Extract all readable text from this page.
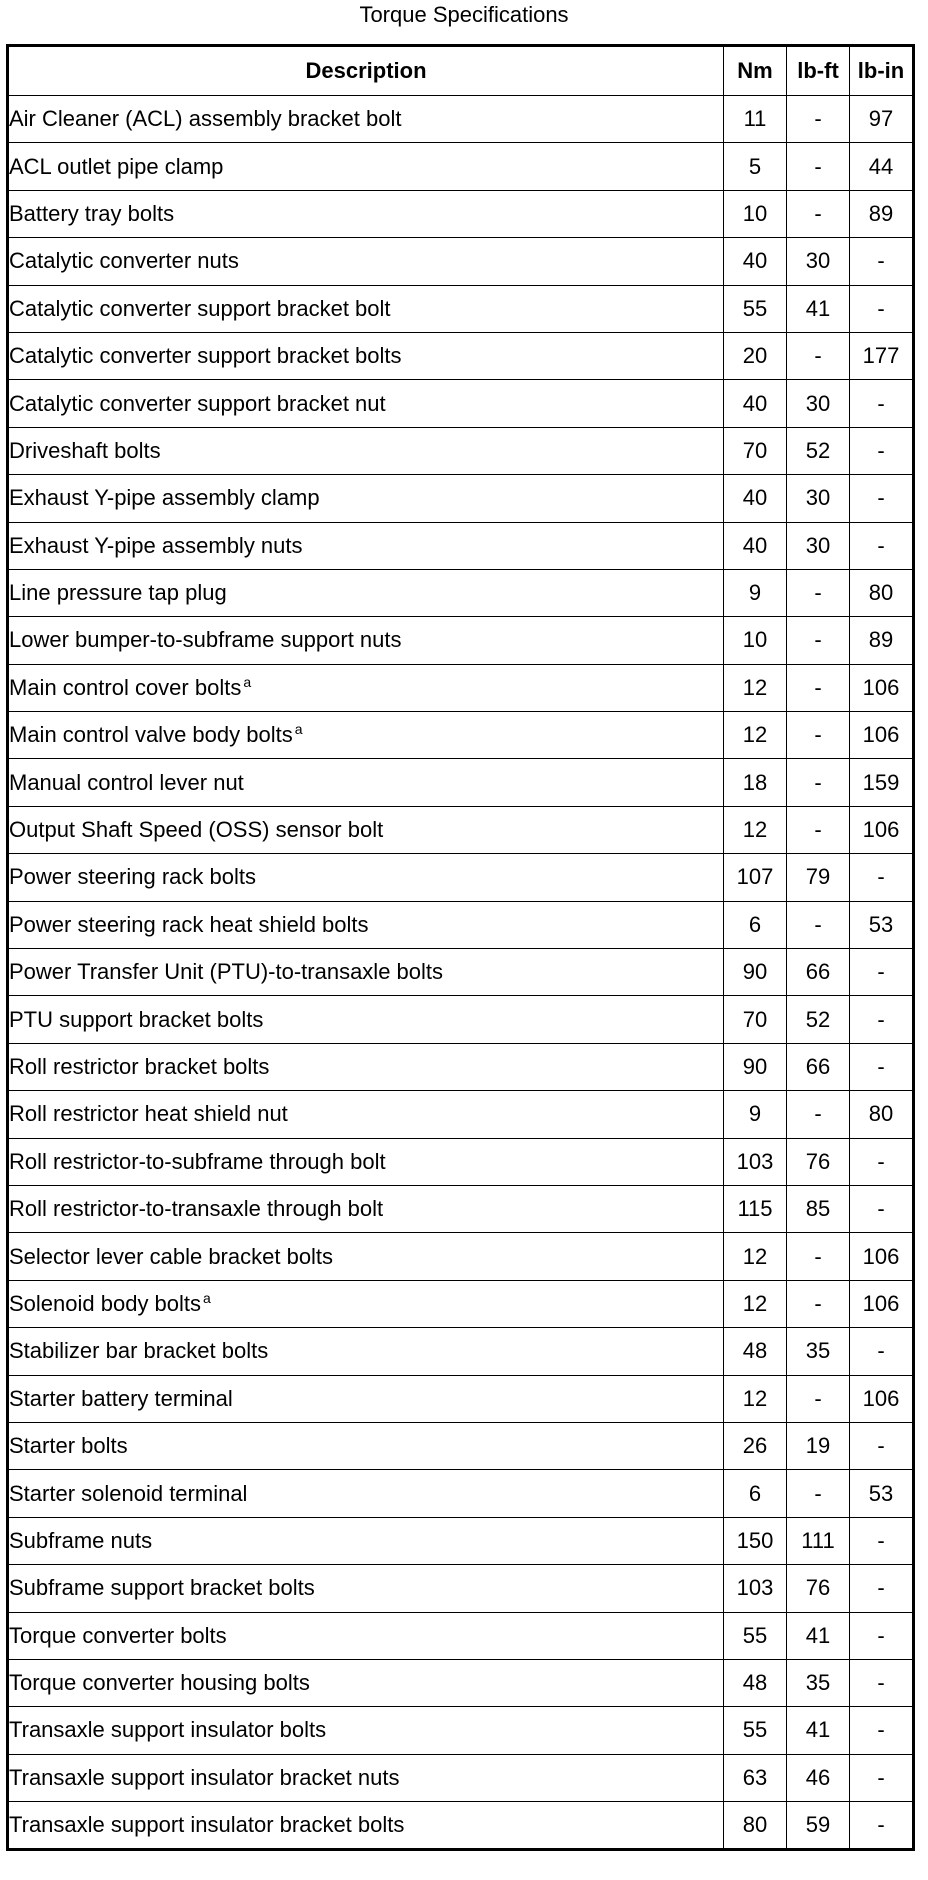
Torque Specifications
Description	Nm	lb-ft	lb-in
Air Cleaner (ACL) assembly bracket bolt	11	-	97
ACL outlet pipe clamp	5	-	44
Battery tray bolts	10	-	89
Catalytic converter nuts	40	30	-
Catalytic converter support bracket bolt	55	41	-
Catalytic converter support bracket bolts	20	-	177
Catalytic converter support bracket nut	40	30	-
Driveshaft bolts	70	52	-
Exhaust Y-pipe assembly clamp	40	30	-
Exhaust Y-pipe assembly nuts	40	30	-
Line pressure tap plug	9	-	80
Lower bumper-to-subframe support nuts	10	-	89
Main control cover bolts $^a$	12	-	106
Main control valve body bolts $^a$	12	-	106
Manual control lever nut	18	-	159
Output Shaft Speed (OSS) sensor bolt	12	-	106
Power steering rack bolts	107	79	-
Power steering rack heat shield bolts	6	-	53
Power Transfer Unit (PTU)-to-transaxle bolts	90	66	-
PTU support bracket bolts	70	52	-
Roll restrictor bracket bolts	90	66	-
Roll restrictor heat shield nut	9	-	80
Roll restrictor-to-subframe through bolt	103	76	-
Roll restrictor-to-transaxle through bolt	115	85	-
Selector lever cable bracket bolts	12	-	106
Solenoid body bolts $^a$	12	-	106
Stabilizer bar bracket bolts	48	35	-
Starter battery terminal	12	-	106
Starter bolts	26	19	-
Starter solenoid terminal	6	-	53
Subframe nuts	150	111	-
Subframe support bracket bolts	103	76	-
Torque converter bolts	55	41	-
Torque converter housing bolts	48	35	-
Transaxle support insulator bolts	55	41	-
Transaxle support insulator bracket nuts	63	46	-
Transaxle support insulator bracket bolts	80	59	-
